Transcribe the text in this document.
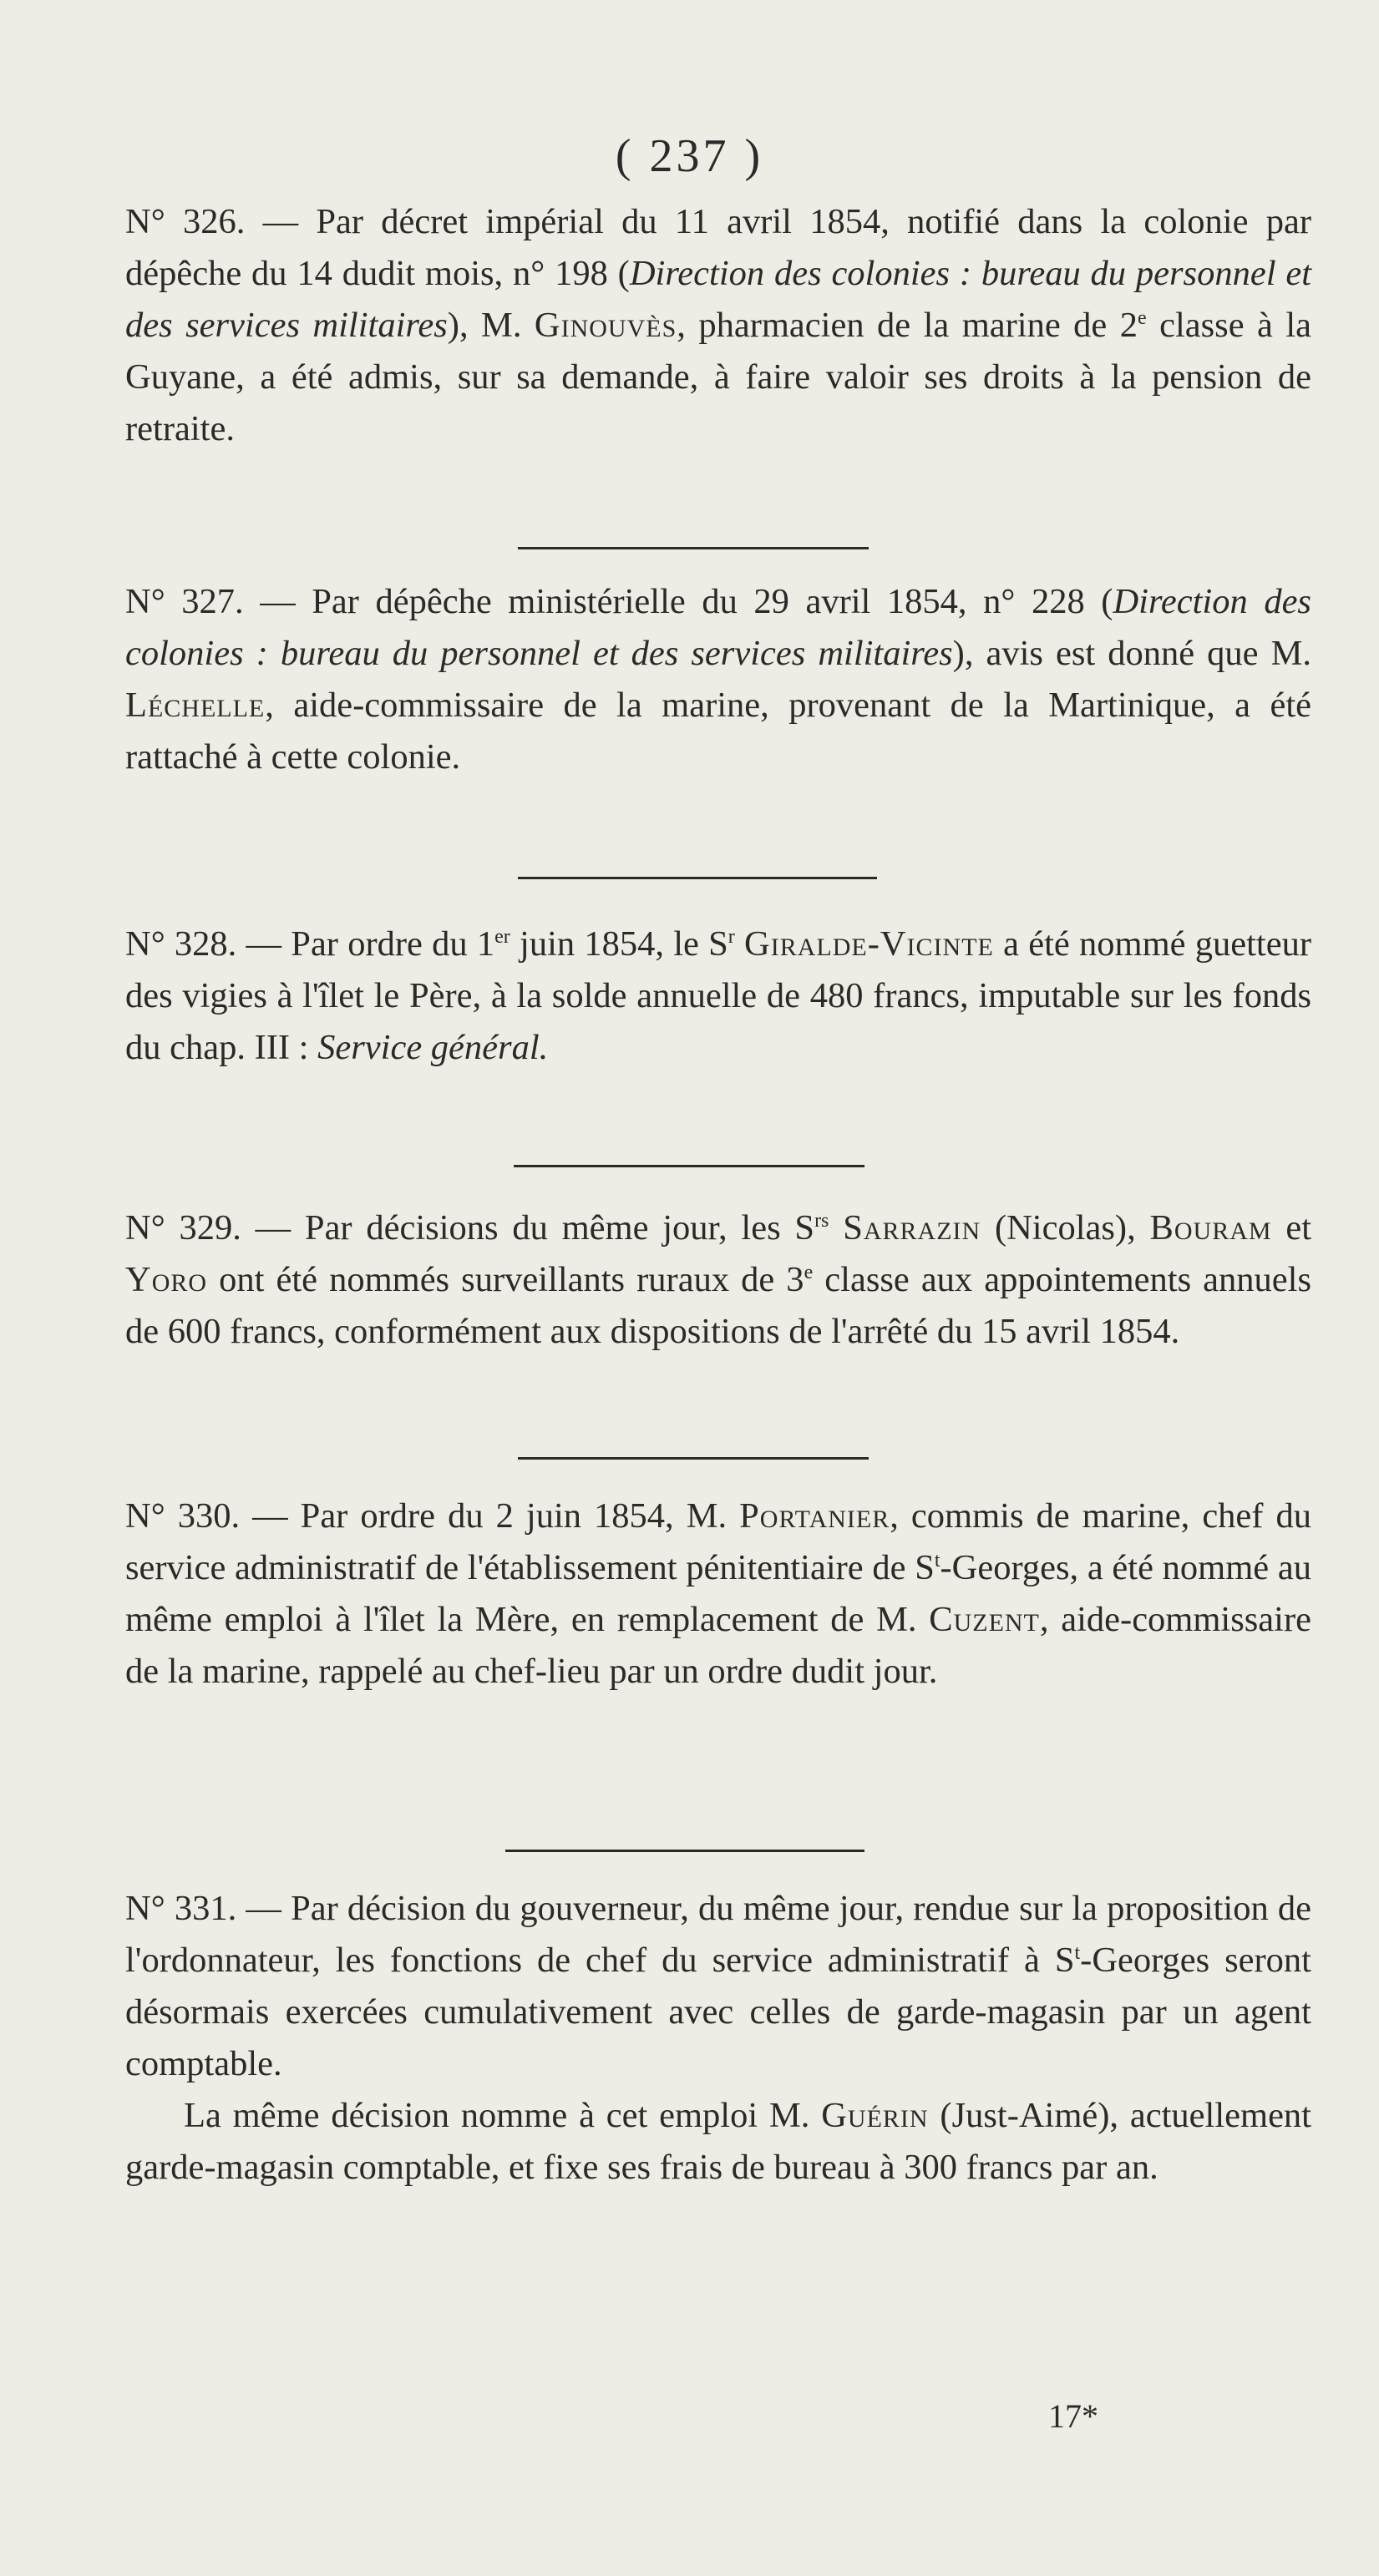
( 237 )
N° 326. — Par décret impérial du 11 avril 1854, notifié dans la colonie par dépêche du 14 dudit mois, n° 198 (Direction des colonies : bureau du personnel et des services militaires), M. Ginouvès, pharmacien de la marine de 2e classe à la Guyane, a été admis, sur sa demande, à faire valoir ses droits à la pension de retraite.
N° 327. — Par dépêche ministérielle du 29 avril 1854, n° 228 (Direction des colonies : bureau du personnel et des services militaires), avis est donné que M. Léchelle, aide-commissaire de la marine, provenant de la Martinique, a été rattaché à cette colonie.
N° 328. — Par ordre du 1er juin 1854, le $S^r$ Giralde-Vicinte a été nommé guetteur des vigies à l'îlet le Père, à la solde annuelle de 480 francs, imputable sur les fonds du chap. III : Service général.
N° 329. — Par décisions du même jour, les $S^{rs}$ Sarrazin (Nicolas), Bouram et Yoro ont été nommés surveillants ruraux de 3e classe aux appointements annuels de 600 francs, conformément aux dispositions de l'arrêté du 15 avril 1854.
N° 330. — Par ordre du 2 juin 1854, M. Portanier, commis de marine, chef du service administratif de l'établissement pénitentiaire de $S^t$-Georges, a été nommé au même emploi à l'îlet la Mère, en remplacement de M. Cuzent, aide-commissaire de la marine, rappelé au chef-lieu par un ordre dudit jour.
N° 331. — Par décision du gouverneur, du même jour, rendue sur la proposition de l'ordonnateur, les fonctions de chef du service administratif à $S^t$-Georges seront désormais exercées cumulativement avec celles de garde-magasin par un agent comptable.

La même décision nomme à cet emploi M. Guérin (Just-Aimé), actuellement garde-magasin comptable, et fixe ses frais de bureau à 300 francs par an.

17*
